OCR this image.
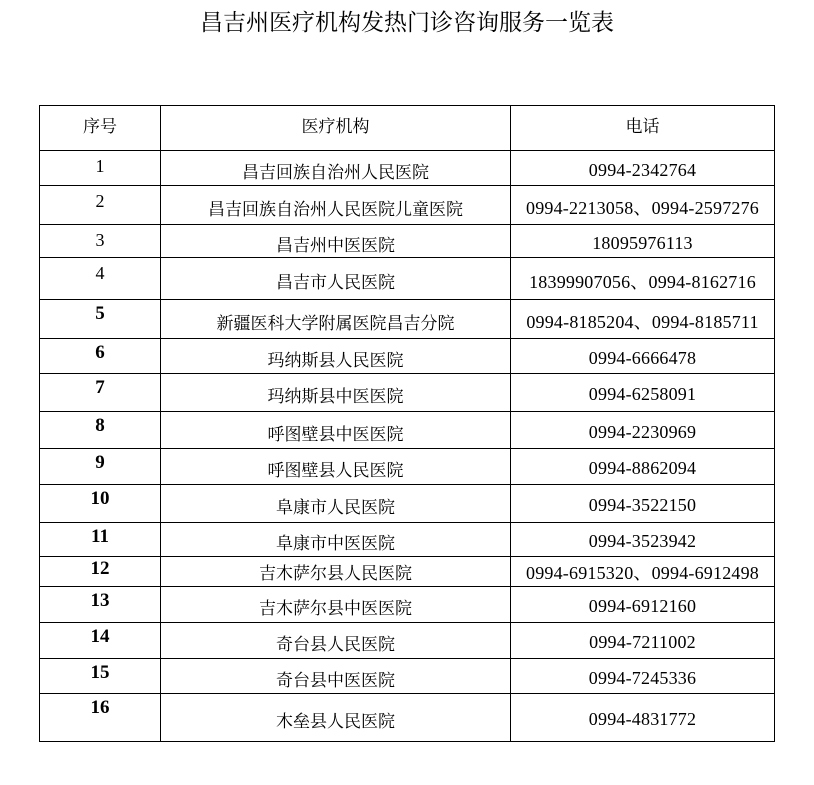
昌吉州医疗机构发热门诊咨询服务一览表
序号	医疗机构	电话
1	昌吉回族自治州人民医院	0994-2342764
2	昌吉回族自治州人民医院儿童医院	0994-2213058、0994-2597276
3	昌吉州中医医院	18095976113
4	昌吉市人民医院	18399907056、0994-8162716
5	新疆医科大学附属医院昌吉分院	0994-8185204、0994-8185711
6	玛纳斯县人民医院	0994-6666478
7	玛纳斯县中医医院	0994-6258091
8	呼图壁县中医医院	0994-2230969
9	呼图壁县人民医院	0994-8862094
10	阜康市人民医院	0994-3522150
11	阜康市中医医院	0994-3523942
12	吉木萨尔县人民医院	0994-6915320、0994-6912498
13	吉木萨尔县中医医院	0994-6912160
14	奇台县人民医院	0994-7211002
15	奇台县中医医院	0994-7245336
16	木垒县人民医院	0994-4831772
